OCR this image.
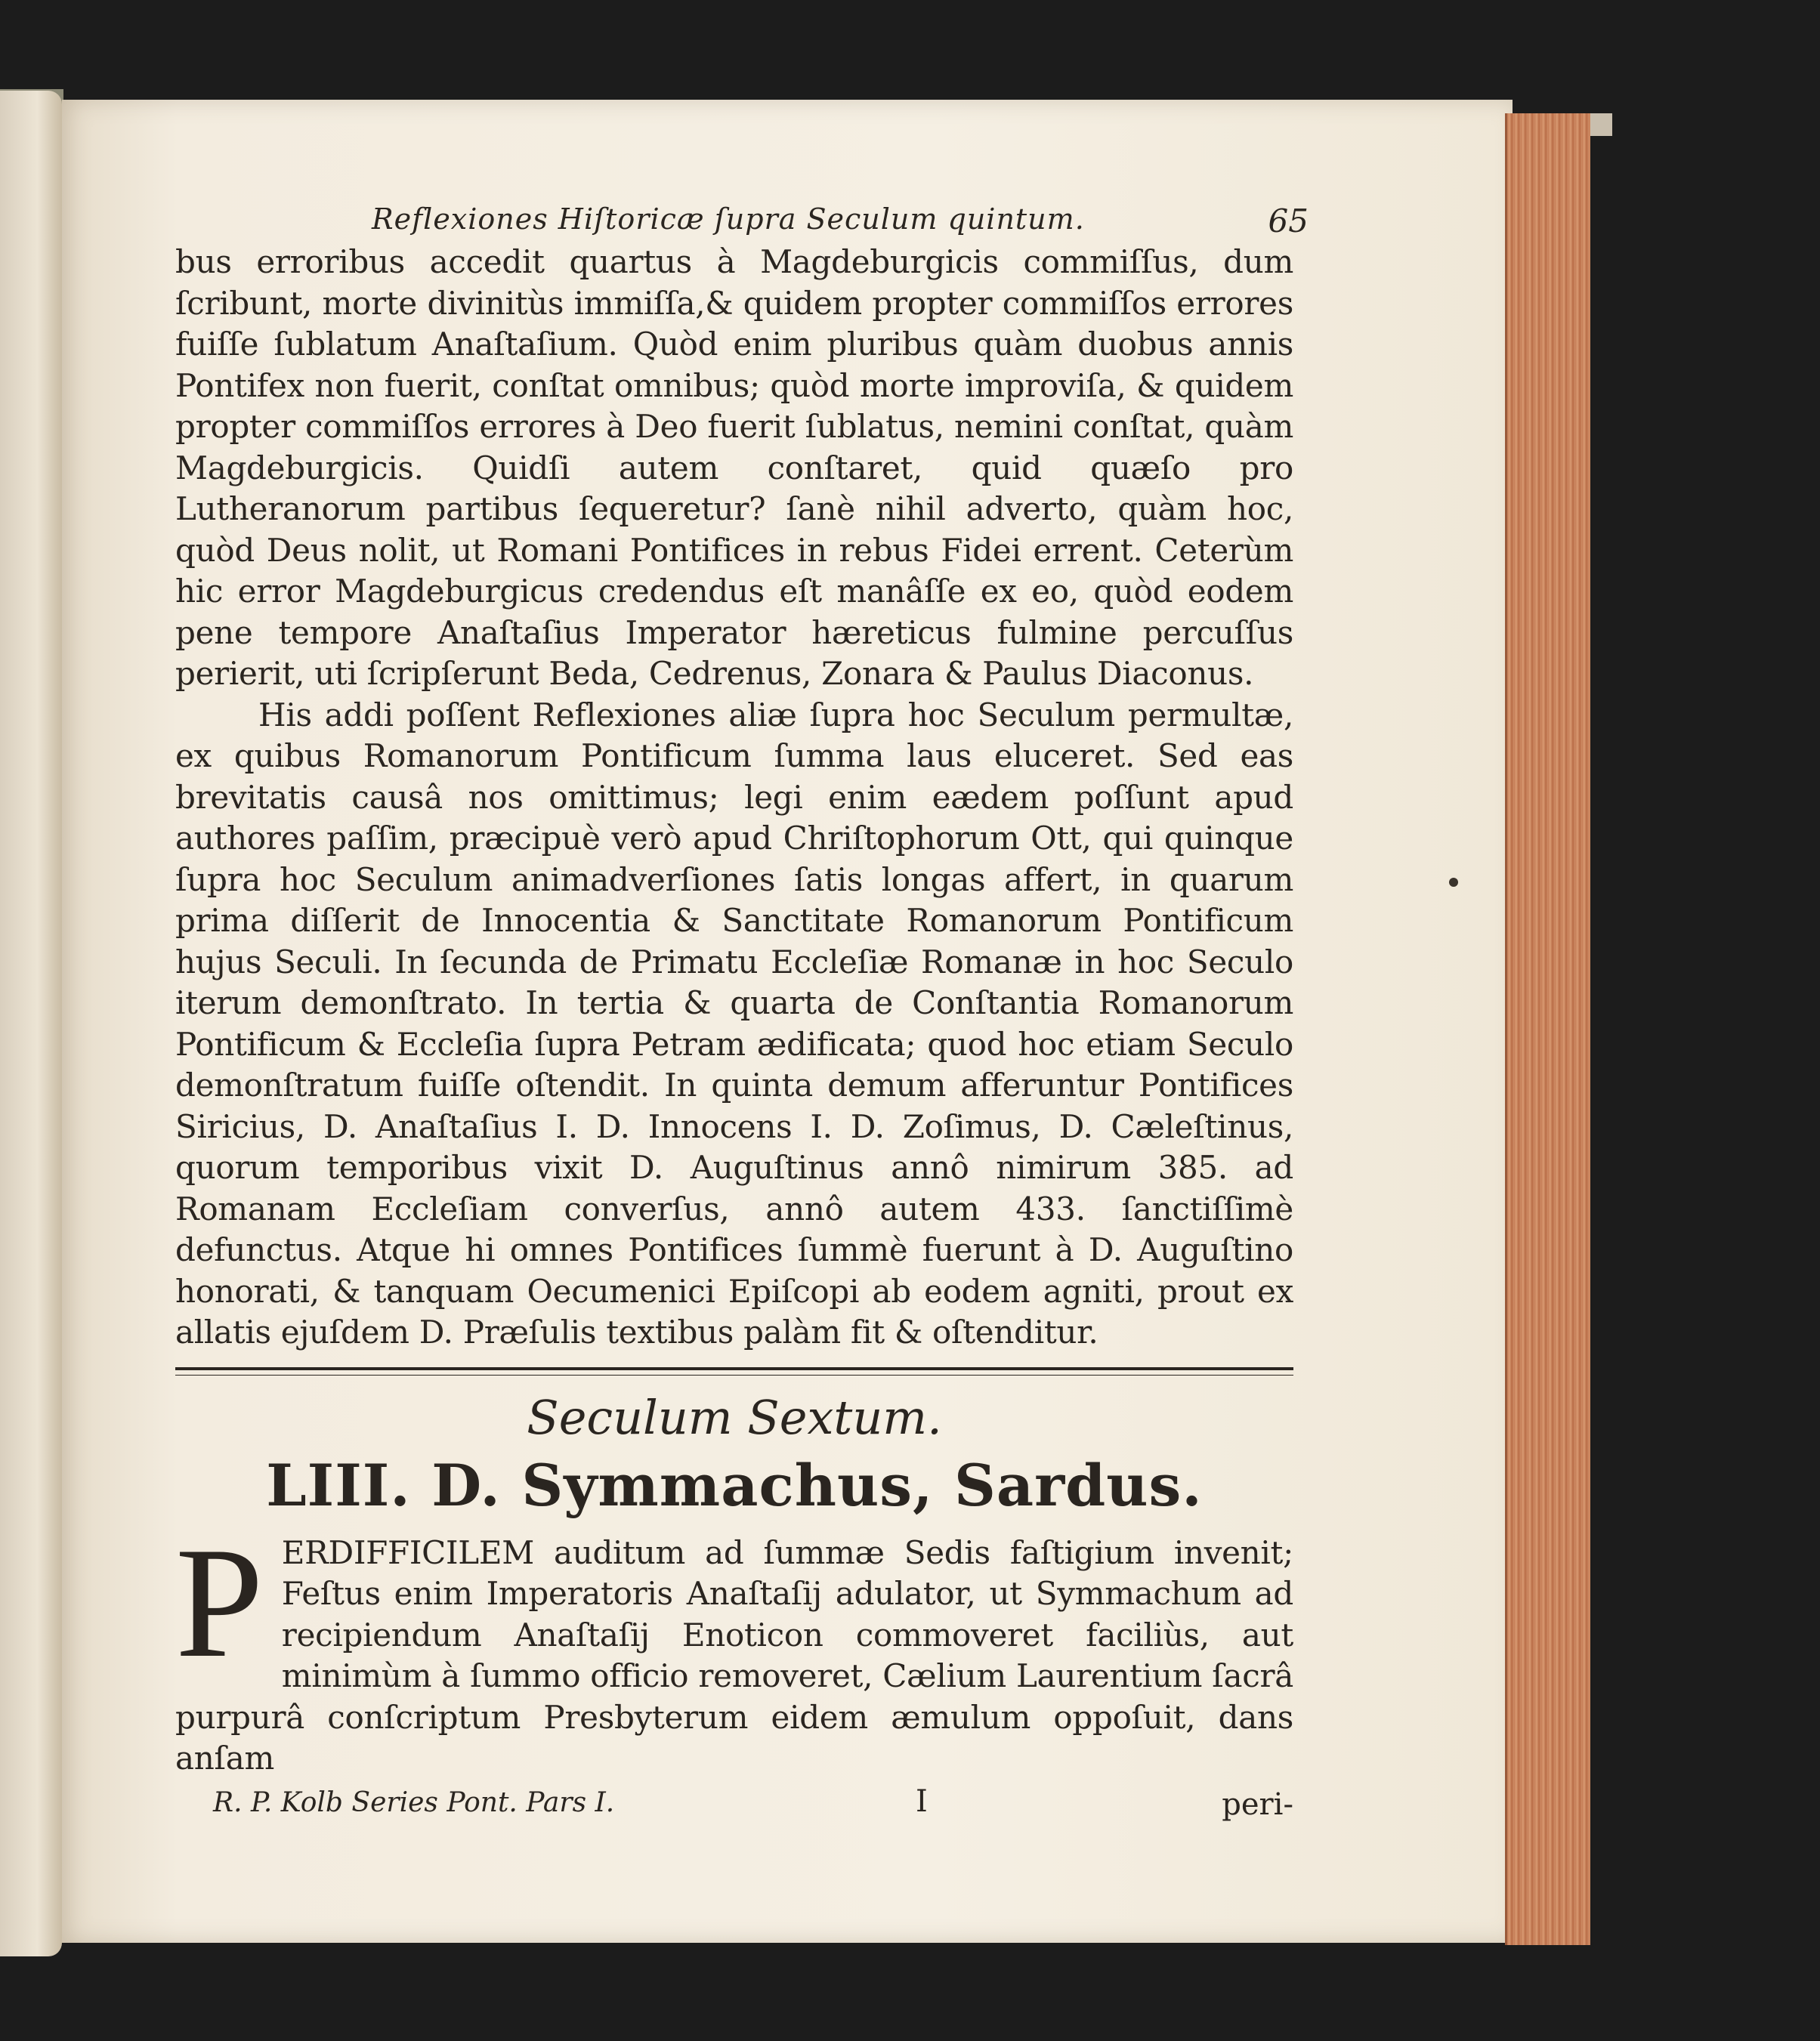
Reflexiones Hiſtoricæ ſupra Seculum quintum.	65

bus erroribus accedit quartus à Magdeburgicis commiſſus, dum ſcribunt, morte divinitùs immiſſa,& quidem propter commiſſos errores fuiſſe ſublatum Anaſtaſium. Quòd enim pluribus quàm duobus annis Pontifex non fuerit, conſtat omnibus; quòd morte improviſa, & quidem propter commiſſos errores à Deo fuerit ſublatus, nemini conſtat, quàm Magdeburgicis. Quidſi autem conſtaret, quid quæſo pro Lutheranorum partibus ſequeretur? ſanè nihil adverto, quàm hoc, quòd Deus nolit, ut Romani Pontifices in rebus Fidei errent. Ceterùm hic error Magdeburgicus credendus eſt manâſſe ex eo, quòd eodem pene tempore Anaſtaſius Imperator hæreticus fulmine percuſſus perierit, uti ſcripſerunt Beda, Cedrenus, Zonara & Paulus Diaconus.

His addi poſſent Reflexiones aliæ ſupra hoc Seculum permultæ, ex quibus Romanorum Pontificum ſumma laus eluceret. Sed eas brevitatis causâ nos omittimus; legi enim eædem poſſunt apud authores paſſim, præcipuè verò apud Chriſtophorum Ott, qui quinque ſupra hoc Seculum animadverſiones ſatis longas affert, in quarum prima diſſerit de Innocentia & Sanctitate Romanorum Pontificum hujus Seculi. In ſecunda de Primatu Eccleſiæ Romanæ in hoc Seculo iterum demonſtrato. In tertia & quarta de Conſtantia Romanorum Pontificum & Eccleſia ſupra Petram ædificata; quod hoc etiam Seculo demonſtratum fuiſſe oſtendit. In quinta demum afferuntur Pontifices Siricius, D. Anaſtaſius I. D. Innocens I. D. Zoſimus, D. Cæleſtinus, quorum temporibus vixit D. Auguſtinus annô nimirum 385. ad Romanam Eccleſiam converſus, annô autem 433. ſanctiſſimè defunctus. Atque hi omnes Pontifices ſummè fuerunt à D. Auguſtino honorati, & tanquam Oecumenici Epiſcopi ab eodem agniti, prout ex allatis ejuſdem D. Præſulis textibus palàm fit & oſtenditur.

Seculum Sextum.
LIII. D. Symmachus, Sardus.
P ERDIFFICILEM auditum ad ſummæ Sedis faſtigium invenit; Feſtus enim Imperatoris Anaſtaſij adulator, ut Symmachum ad recipiendum Anaſtaſij Enoticon commoveret faciliùs, aut minimùm à ſummo officio removeret, Cælium Laurentium ſacrâ purpurâ conſcriptum Presbyterum eidem æmulum oppoſuit, dans anſam

R. P. Kolb Series Pont. Pars I.	I	peri-
